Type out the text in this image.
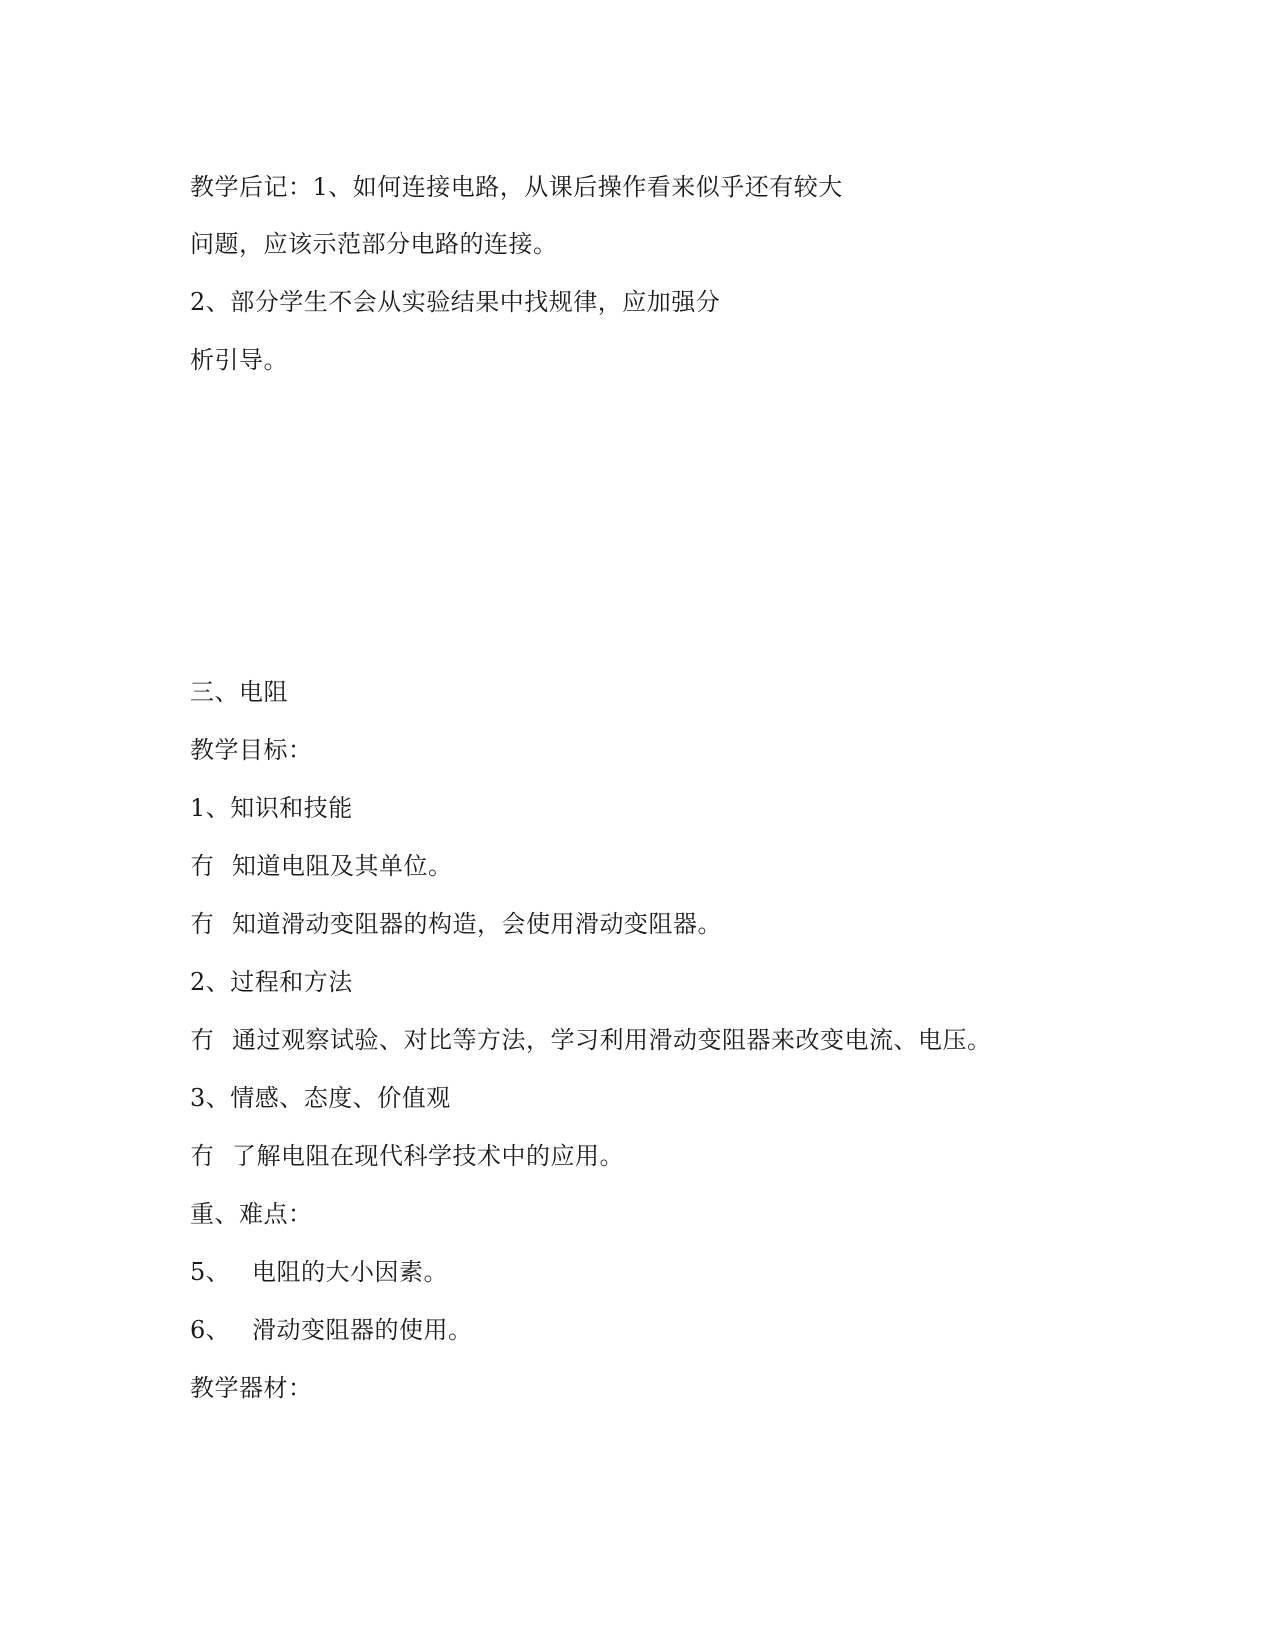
教学后记：1、如何连接电路，从课后操作看来似乎还有较大
问题，应该示范部分电路的连接。
2、部分学生不会从实验结果中找规律，应加强分
析引导。
三、电阻
教学目标：
1、知识和技能
冇 知道电阻及其单位。
冇 知道滑动变阻器的构造，会使用滑动变阻器。
2、过程和方法
冇 通过观察试验、对比等方法，学习利用滑动变阻器来改变电流、电压。
3、情感、态度、价值观
冇 了解电阻在现代科学技术中的应用。
重、难点：
5、 电阻的大小因素。
6、 滑动变阻器的使用。
教学器材：
